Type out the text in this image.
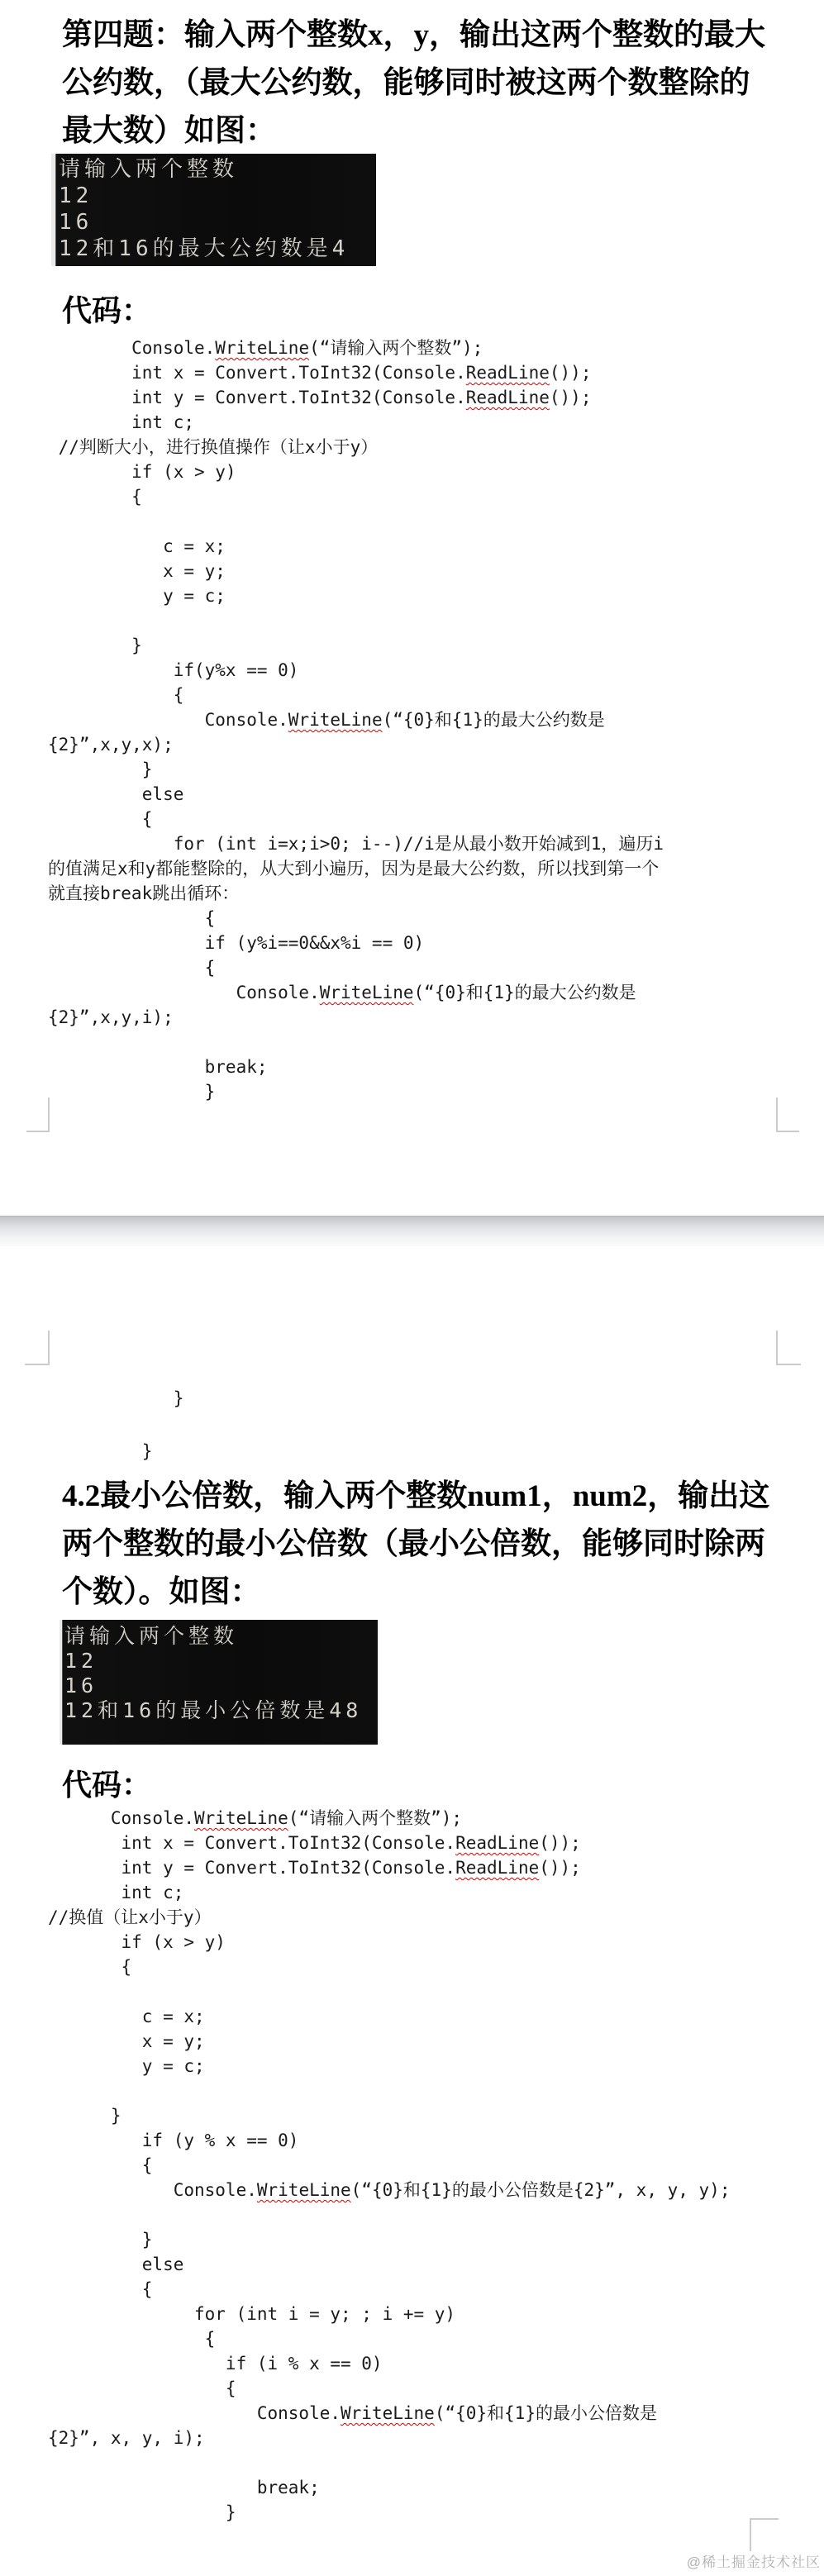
第四题：输入两个整数x，y，输出这两个整数的最大
公约数，（最大公约数，能够同时被这两个数整除的
最大数）如图：
请输入两个整数
12
16
12和16的最大公约数是4
代码：
Console.WriteLine(“请输入两个整数”);
int x = Convert.ToInt32(Console.ReadLine());
int y = Convert.ToInt32(Console.ReadLine());
int c;
//判断大小，进行换值操作（让x小于y）
if (x > y)
{

c = x;
x = y;
y = c;

}
if(y%x == 0)
{
Console.WriteLine(“{0}和{1}的最大公约数是
{2}”,x,y,x);
}
else
{
for (int i=x;i>0; i--)//i是从最小数开始减到1，遍历i
的值满足x和y都能整除的，从大到小遍历，因为是最大公约数，所以找到第一个
就直接break跳出循环：
{
if (y%i==0&&x%i == 0)
{
Console.WriteLine(“{0}和{1}的最大公约数是
{2}”,x,y,i);

break;
}
}

}
4.2最小公倍数，输入两个整数num1，num2，输出这
两个整数的最小公倍数（最小公倍数，能够同时除两
个数）。如图：
请输入两个整数
12
16
12和16的最小公倍数是48
代码：
Console.WriteLine(“请输入两个整数”);
int x = Convert.ToInt32(Console.ReadLine());
int y = Convert.ToInt32(Console.ReadLine());
int c;
//换值（让x小于y）
if (x > y)
{

c = x;
x = y;
y = c;

}
if (y % x == 0)
{
Console.WriteLine(“{0}和{1}的最小公倍数是{2}”, x, y, y);

}
else
{
for (int i = y; ; i += y)
{
if (i % x == 0)
{
Console.WriteLine(“{0}和{1}的最小公倍数是
{2}”, x, y, i);

break;
}
@稀土掘金技术社区
